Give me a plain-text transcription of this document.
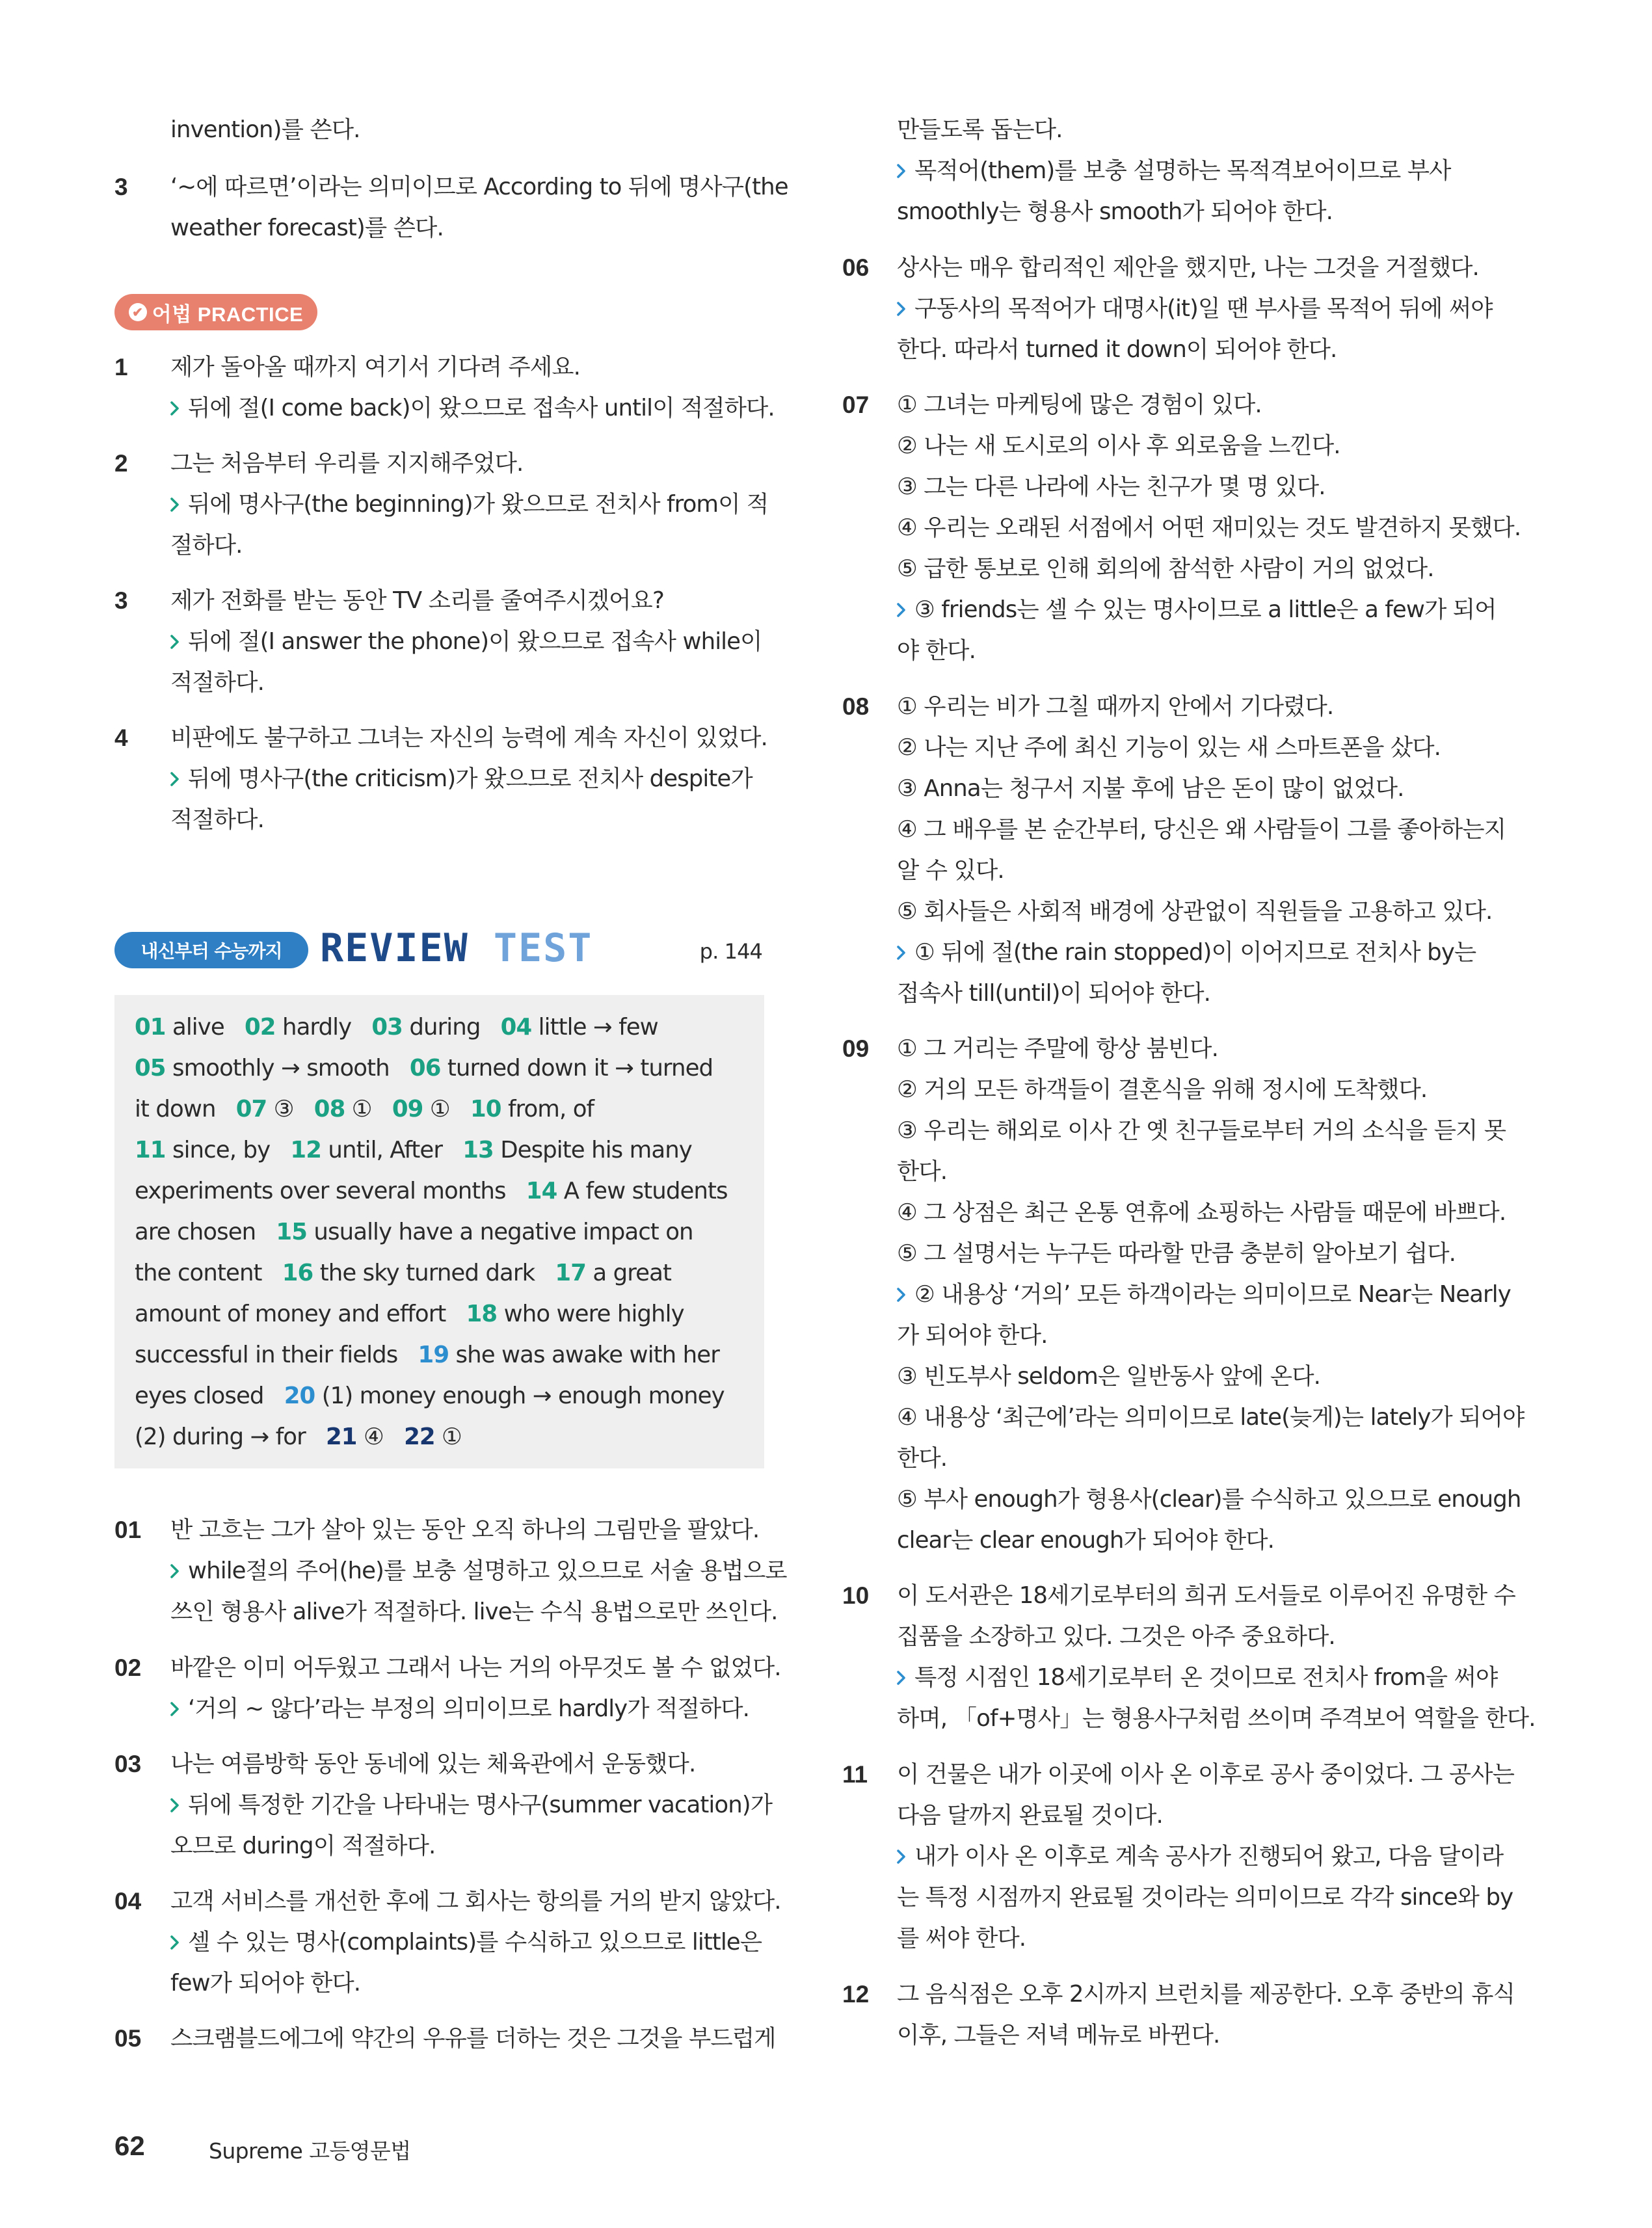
invention)를 쓴다.
3 ‘~에 따르면’이라는 의미이므로 According to 뒤에 명사구(the
weather forecast)를 쓴다.
✔ 어법 PRACTICE
1 제가 돌아올 때까지 여기서 기다려 주세요.
뒤에 절(I come back)이 왔으므로 접속사 until이 적절하다.
2 그는 처음부터 우리를 지지해주었다.
뒤에 명사구(the beginning)가 왔으므로 전치사 from이 적
절하다.
3 제가 전화를 받는 동안 TV 소리를 줄여주시겠어요?
뒤에 절(I answer the phone)이 왔으므로 접속사 while이
적절하다.
4 비판에도 불구하고 그녀는 자신의 능력에 계속 자신이 있었다.
뒤에 명사구(the criticism)가 왔으므로 전치사 despite가
적절하다.
내신부터 수능까지 REVIEW TEST	p. 144
01 alive   02 hardly   03 during   04 little → few
05 smoothly → smooth   06 turned down it → turned
it down   07 ③   08 ①   09 ①   10 from, of
11 since, by   12 until, After   13 Despite his many
experiments over several months   14 A few students
are chosen   15 usually have a negative impact on
the content   16 the sky turned dark   17 a great
amount of money and effort   18 who were highly
successful in their fields   19 she was awake with her
eyes closed   20 (1) money enough → enough money
(2) during → for   21 ④   22 ①
01 반 고흐는 그가 살아 있는 동안 오직 하나의 그림만을 팔았다.
while절의 주어(he)를 보충 설명하고 있으므로 서술 용법으로
쓰인 형용사 alive가 적절하다. live는 수식 용법으로만 쓰인다.
02 바깥은 이미 어두웠고 그래서 나는 거의 아무것도 볼 수 없었다.
‘거의 ~ 않다’라는 부정의 의미이므로 hardly가 적절하다.
03 나는 여름방학 동안 동네에 있는 체육관에서 운동했다.
뒤에 특정한 기간을 나타내는 명사구(summer vacation)가
오므로 during이 적절하다.
04 고객 서비스를 개선한 후에 그 회사는 항의를 거의 받지 않았다.
셀 수 있는 명사(complaints)를 수식하고 있으므로 little은
few가 되어야 한다.
05 스크램블드에그에 약간의 우유를 더하는 것은 그것을 부드럽게
만들도록 돕는다.
목적어(them)를 보충 설명하는 목적격보어이므로 부사
smoothly는 형용사 smooth가 되어야 한다.
06 상사는 매우 합리적인 제안을 했지만, 나는 그것을 거절했다.
구동사의 목적어가 대명사(it)일 땐 부사를 목적어 뒤에 써야
한다. 따라서 turned it down이 되어야 한다.
07 ① 그녀는 마케팅에 많은 경험이 있다.
② 나는 새 도시로의 이사 후 외로움을 느낀다.
③ 그는 다른 나라에 사는 친구가 몇 명 있다.
④ 우리는 오래된 서점에서 어떤 재미있는 것도 발견하지 못했다.
⑤ 급한 통보로 인해 회의에 참석한 사람이 거의 없었다.
③ friends는 셀 수 있는 명사이므로 a little은 a few가 되어
야 한다.
08 ① 우리는 비가 그칠 때까지 안에서 기다렸다.
② 나는 지난 주에 최신 기능이 있는 새 스마트폰을 샀다.
③ Anna는 청구서 지불 후에 남은 돈이 많이 없었다.
④ 그 배우를 본 순간부터, 당신은 왜 사람들이 그를 좋아하는지
알 수 있다.
⑤ 회사들은 사회적 배경에 상관없이 직원들을 고용하고 있다.
① 뒤에 절(the rain stopped)이 이어지므로 전치사 by는
접속사 till(until)이 되어야 한다.
09 ① 그 거리는 주말에 항상 붐빈다.
② 거의 모든 하객들이 결혼식을 위해 정시에 도착했다.
③ 우리는 해외로 이사 간 옛 친구들로부터 거의 소식을 듣지 못
한다.
④ 그 상점은 최근 온통 연휴에 쇼핑하는 사람들 때문에 바쁘다.
⑤ 그 설명서는 누구든 따라할 만큼 충분히 알아보기 쉽다.
② 내용상 ‘거의’ 모든 하객이라는 의미이므로 Near는 Nearly
가 되어야 한다.
③ 빈도부사 seldom은 일반동사 앞에 온다.
④ 내용상 ‘최근에’라는 의미이므로 late(늦게)는 lately가 되어야
한다.
⑤ 부사 enough가 형용사(clear)를 수식하고 있으므로 enough
clear는 clear enough가 되어야 한다.
10 이 도서관은 18세기로부터의 희귀 도서들로 이루어진 유명한 수
집품을 소장하고 있다. 그것은 아주 중요하다.
특정 시점인 18세기로부터 온 것이므로 전치사 from을 써야
하며, 「of+명사」는 형용사구처럼 쓰이며 주격보어 역할을 한다.
11 이 건물은 내가 이곳에 이사 온 이후로 공사 중이었다. 그 공사는
다음 달까지 완료될 것이다.
내가 이사 온 이후로 계속 공사가 진행되어 왔고, 다음 달이라
는 특정 시점까지 완료될 것이라는 의미이므로 각각 since와 by
를 써야 한다.
12 그 음식점은 오후 2시까지 브런치를 제공한다. 오후 중반의 휴식
이후, 그들은 저녁 메뉴로 바뀐다.
62	Supreme 고등영문법
